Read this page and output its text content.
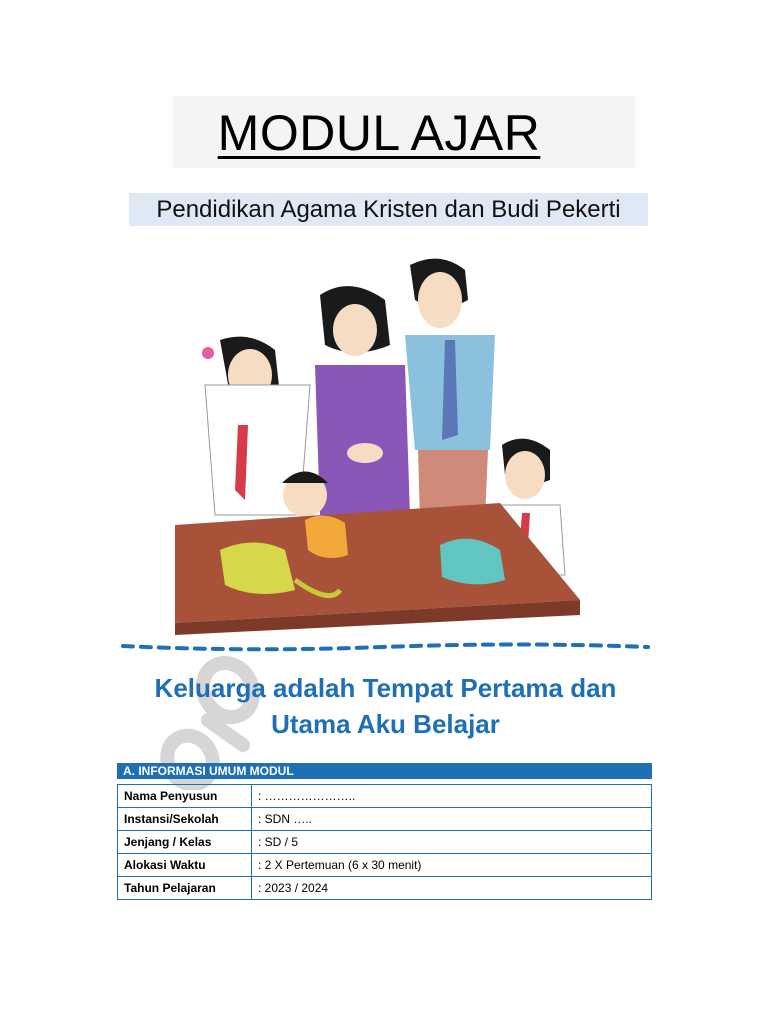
MODUL AJAR
Pendidikan Agama Kristen dan Budi Pekerti
Keluarga adalah Tempat Pertama dan Utama Aku Belajar
A. INFORMASI UMUM MODUL
Nama Penyusun	: …………………..
Instansi/Sekolah	: SDN …..
Jenjang / Kelas	: SD / 5
Alokasi Waktu	: 2 X Pertemuan (6 x 30 menit)
Tahun Pelajaran	: 2023 / 2024
